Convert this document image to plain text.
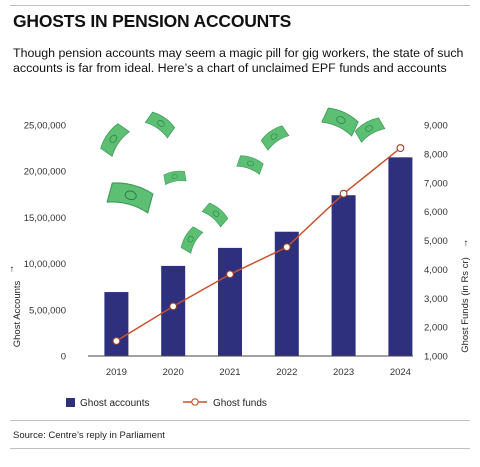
GHOSTS IN PENSION ACCOUNTS

Though pension accounts may seem a magic pill for gig workers, the state of such accounts is far from ideal. Here’s a chart of unclaimed EPF funds and accounts

0
5,00,000
10,00,000
15,00,000
20,00,000
25,00,000
1,000
2,000
3,000
4,000
5,000
6,000
7,000
8,000
9,000
2019	2020	2021	2022	2023	2024
↑
Ghost Accounts
↑
Ghost Funds (in Rs cr)
Ghost accounts	Ghost funds
Source: Centre’s reply in Parliament
